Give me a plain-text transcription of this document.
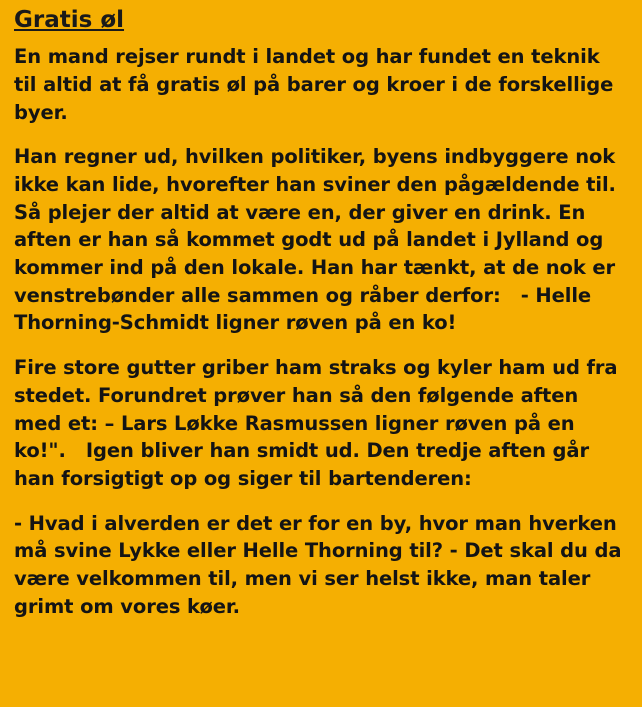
Gratis øl

En mand rejser rundt i landet og har fundet en teknik til altid at få gratis øl på barer og kroer i de forskellige byer.

Han regner ud, hvilken politiker, byens indbyggere nok ikke kan lide, hvorefter han sviner den pågældende til. Så plejer der altid at være en, der giver en drink. En aften er han så kommet godt ud på landet i Jylland og kommer ind på den lokale. Han har tænkt, at de nok er venstrebønder alle sammen og råber derfor:   - Helle Thorning-Schmidt ligner røven på en ko!

Fire store gutter griber ham straks og kyler ham ud fra stedet. Forundret prøver han så den følgende aften med et: – Lars Løkke Rasmussen ligner røven på en ko!".   Igen bliver han smidt ud. Den tredje aften går han forsigtigt op og siger til bartenderen:

- Hvad i alverden er det er for en by, hvor man hverken må svine Lykke eller Helle Thorning til? - Det skal du da være velkommen til, men vi ser helst ikke, man taler grimt om vores køer.
